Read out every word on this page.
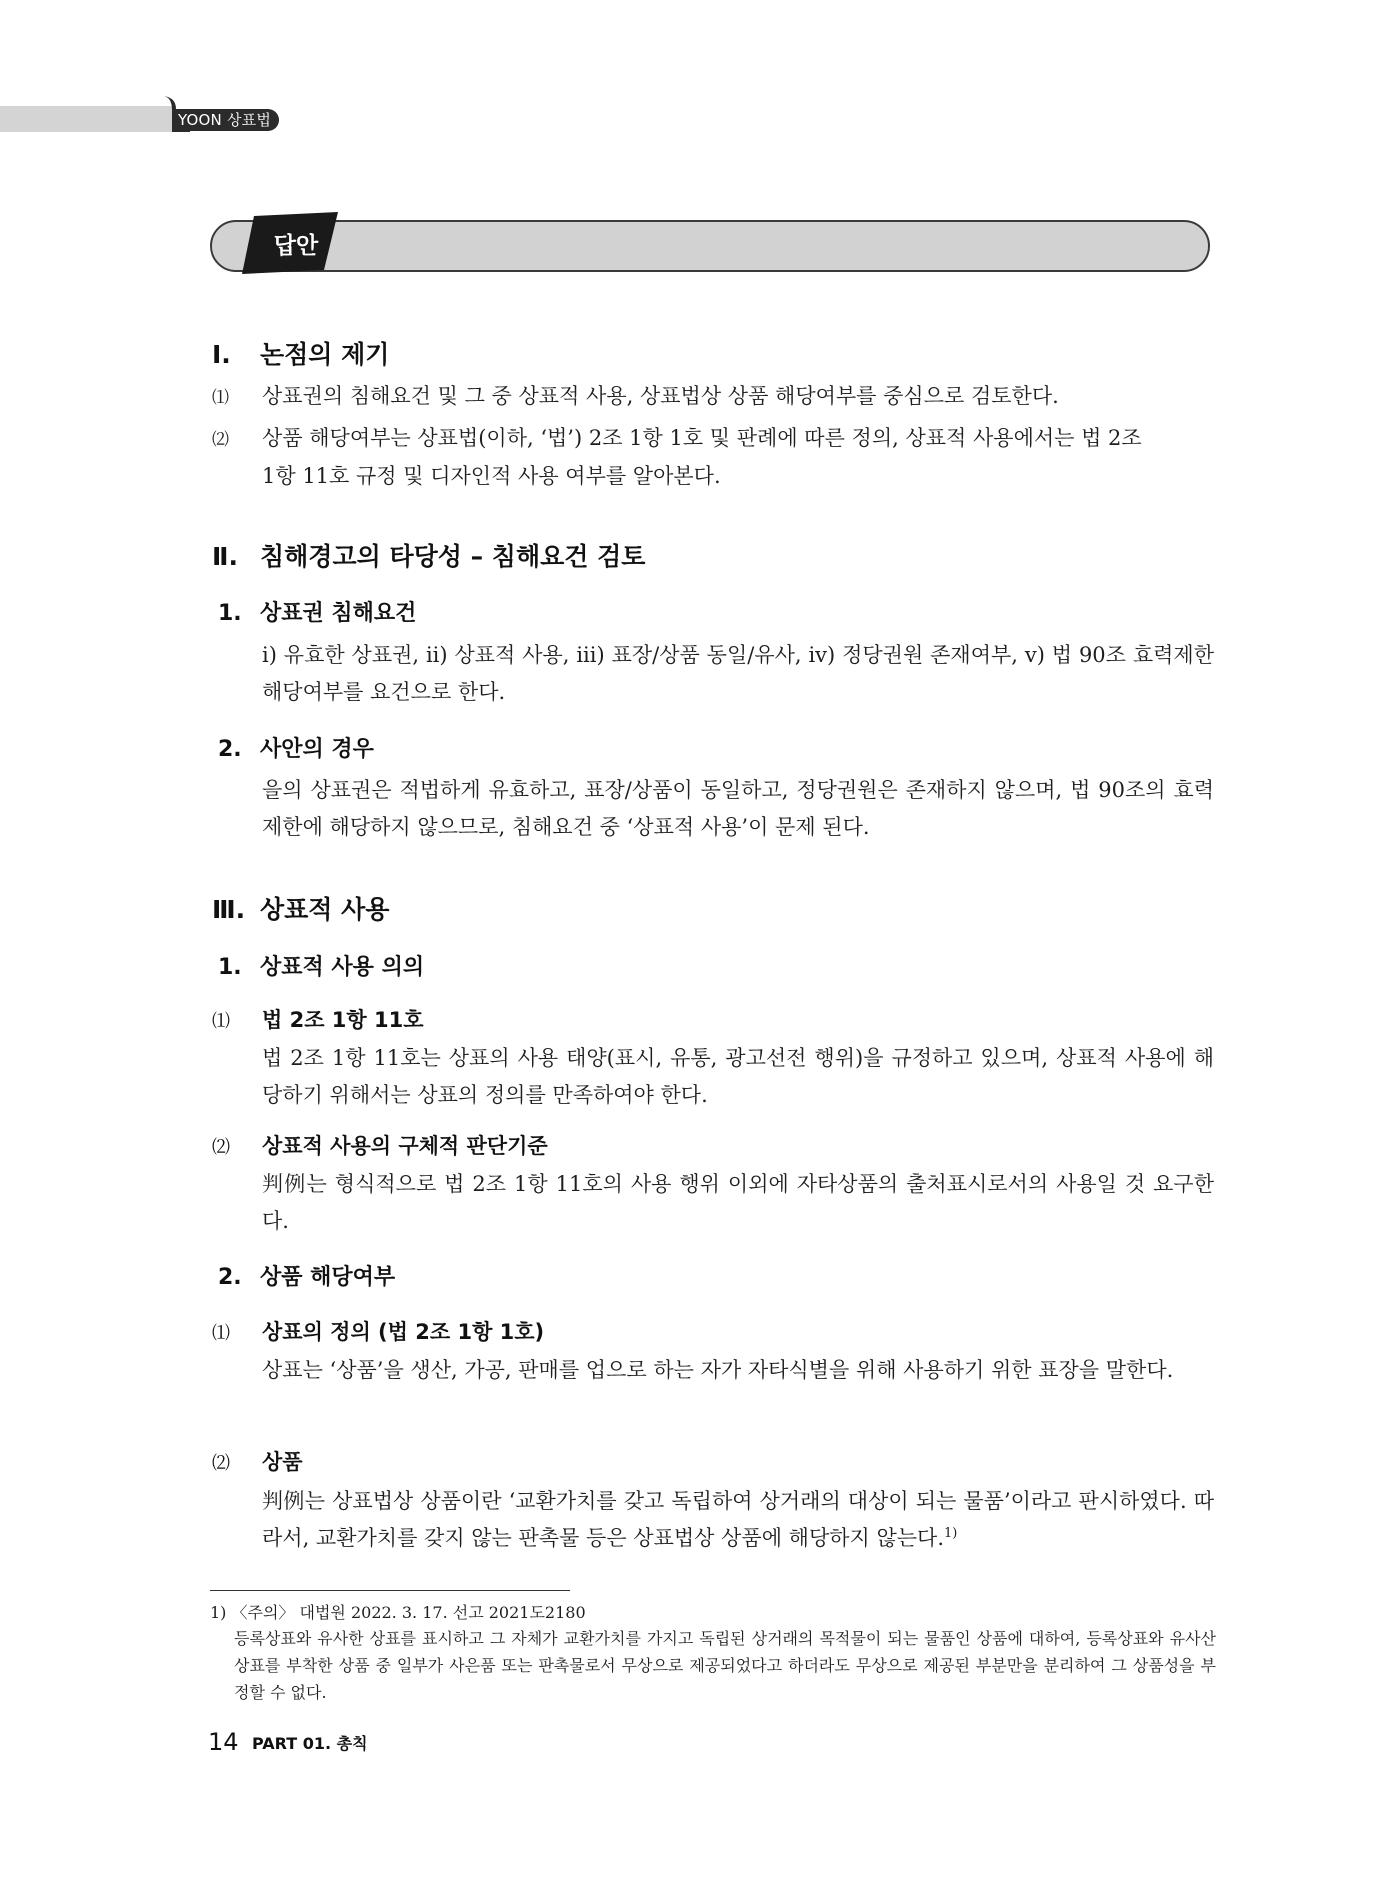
YOON 상표법
답안
Ⅰ. 논점의 제기
⑴ 상표권의 침해요건 및 그 중 상표적 사용, 상표법상 상품 해당여부를 중심으로 검토한다.
⑵ 상품 해당여부는 상표법(이하, ‘법’) 2조 1항 1호 및 판례에 따른 정의, 상표적 사용에서는 법 2조
1항 11호 규정 및 디자인적 사용 여부를 알아본다.
Ⅱ. 침해경고의 타당성 – 침해요건 검토
1. 상표권 침해요건
i) 유효한 상표권, ii) 상표적 사용, iii) 표장/상품 동일/유사, iv) 정당권원 존재여부, v) 법 90조 효력제한 해당여부를 요건으로 한다.
2. 사안의 경우
을의 상표권은 적법하게 유효하고, 표장/상품이 동일하고, 정당권원은 존재하지 않으며, 법 90조의 효력제한에 해당하지 않으므로, 침해요건 중 ‘상표적 사용’이 문제 된다.
Ⅲ. 상표적 사용
1. 상표적 사용 의의
⑴ 법 2조 1항 11호
법 2조 1항 11호는 상표의 사용 태양(표시, 유통, 광고선전 행위)을 규정하고 있으며, 상표적 사용에 해당하기 위해서는 상표의 정의를 만족하여야 한다.
⑵ 상표적 사용의 구체적 판단기준
判例는 형식적으로 법 2조 1항 11호의 사용 행위 이외에 자타상품의 출처표시로서의 사용일 것 요구한다.
2. 상품 해당여부
⑴ 상표의 정의 (법 2조 1항 1호)
상표는 ‘상품’을 생산, 가공, 판매를 업으로 하는 자가 자타식별을 위해 사용하기 위한 표장을 말한다.
⑵ 상품
判例는 상표법상 상품이란 ‘교환가치를 갖고 독립하여 상거래의 대상이 되는 물품’이라고 판시하였다. 따라서, 교환가치를 갖지 않는 판촉물 등은 상표법상 상품에 해당하지 않는다.$^{1)}$
1) 〈주의〉 대법원 2022. 3. 17. 선고 2021도2180
등록상표와 유사한 상표를 표시하고 그 자체가 교환가치를 가지고 독립된 상거래의 목적물이 되는 물품인 상품에 대하여, 등록상표와 유사산 상표를 부착한 상품 중 일부가 사은품 또는 판촉물로서 무상으로 제공되었다고 하더라도 무상으로 제공된 부분만을 분리하여 그 상품성을 부정할 수 없다.
14 PART 01. 총칙
